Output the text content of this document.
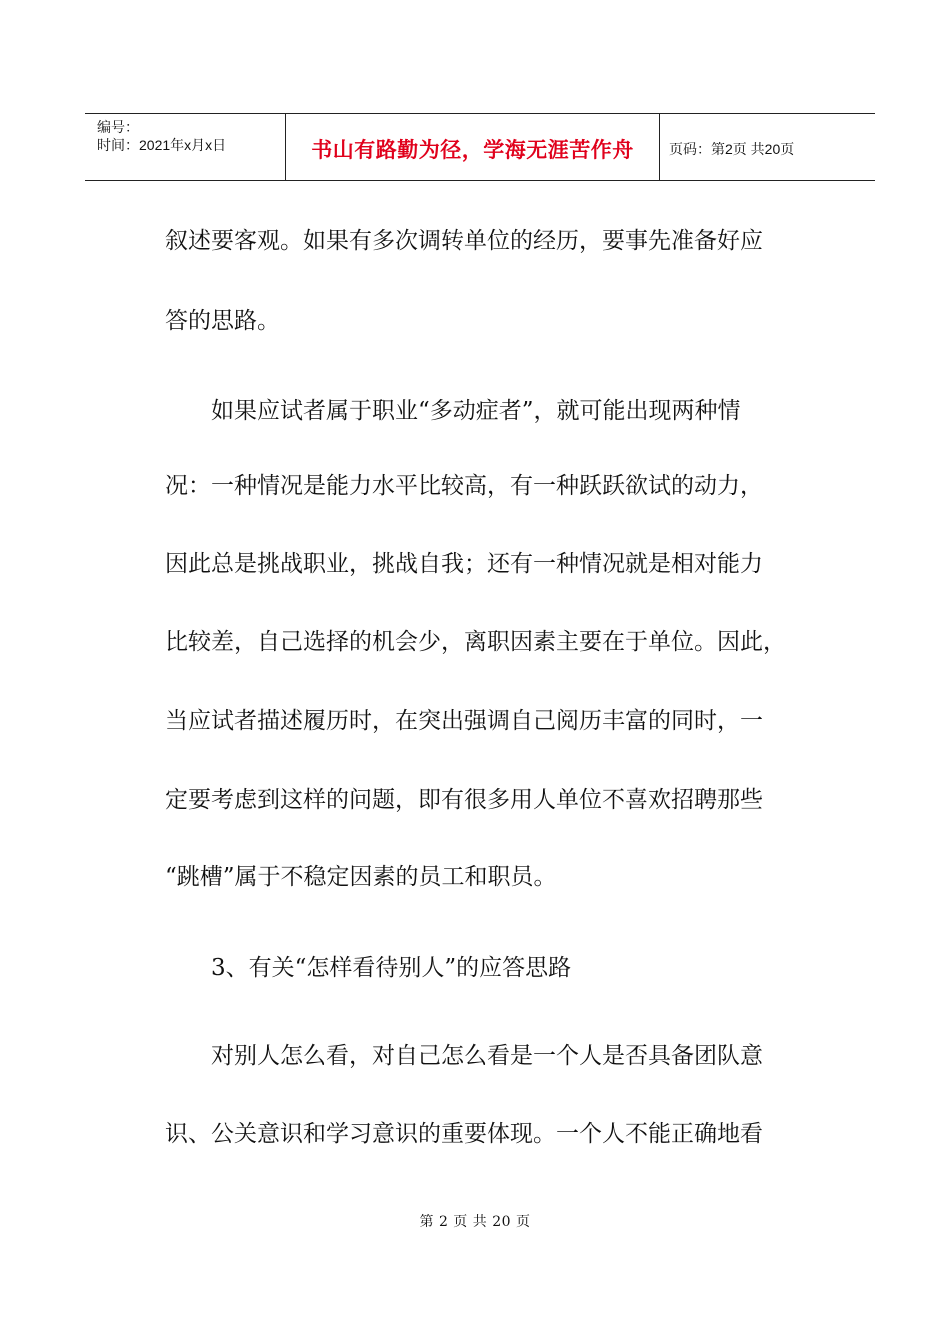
编号：
时间：2021年x月x日	书山有路勤为径，学海无涯苦作舟	页码：第2页 共20页
叙述要客观。如果有多次调转单位的经历，要事先准备好应
答的思路。
　　如果应试者属于职业“多动症者”，就可能出现两种情
况：一种情况是能力水平比较高，有一种跃跃欲试的动力，
因此总是挑战职业，挑战自我；还有一种情况就是相对能力
比较差，自己选择的机会少，离职因素主要在于单位。因此，
当应试者描述履历时，在突出强调自己阅历丰富的同时，一
定要考虑到这样的问题，即有很多用人单位不喜欢招聘那些
“跳槽”属于不稳定因素的员工和职员。
　　3、有关“怎样看待别人”的应答思路
　　对别人怎么看，对自己怎么看是一个人是否具备团队意
识、公关意识和学习意识的重要体现。一个人不能正确地看
第 2 页 共 20 页
